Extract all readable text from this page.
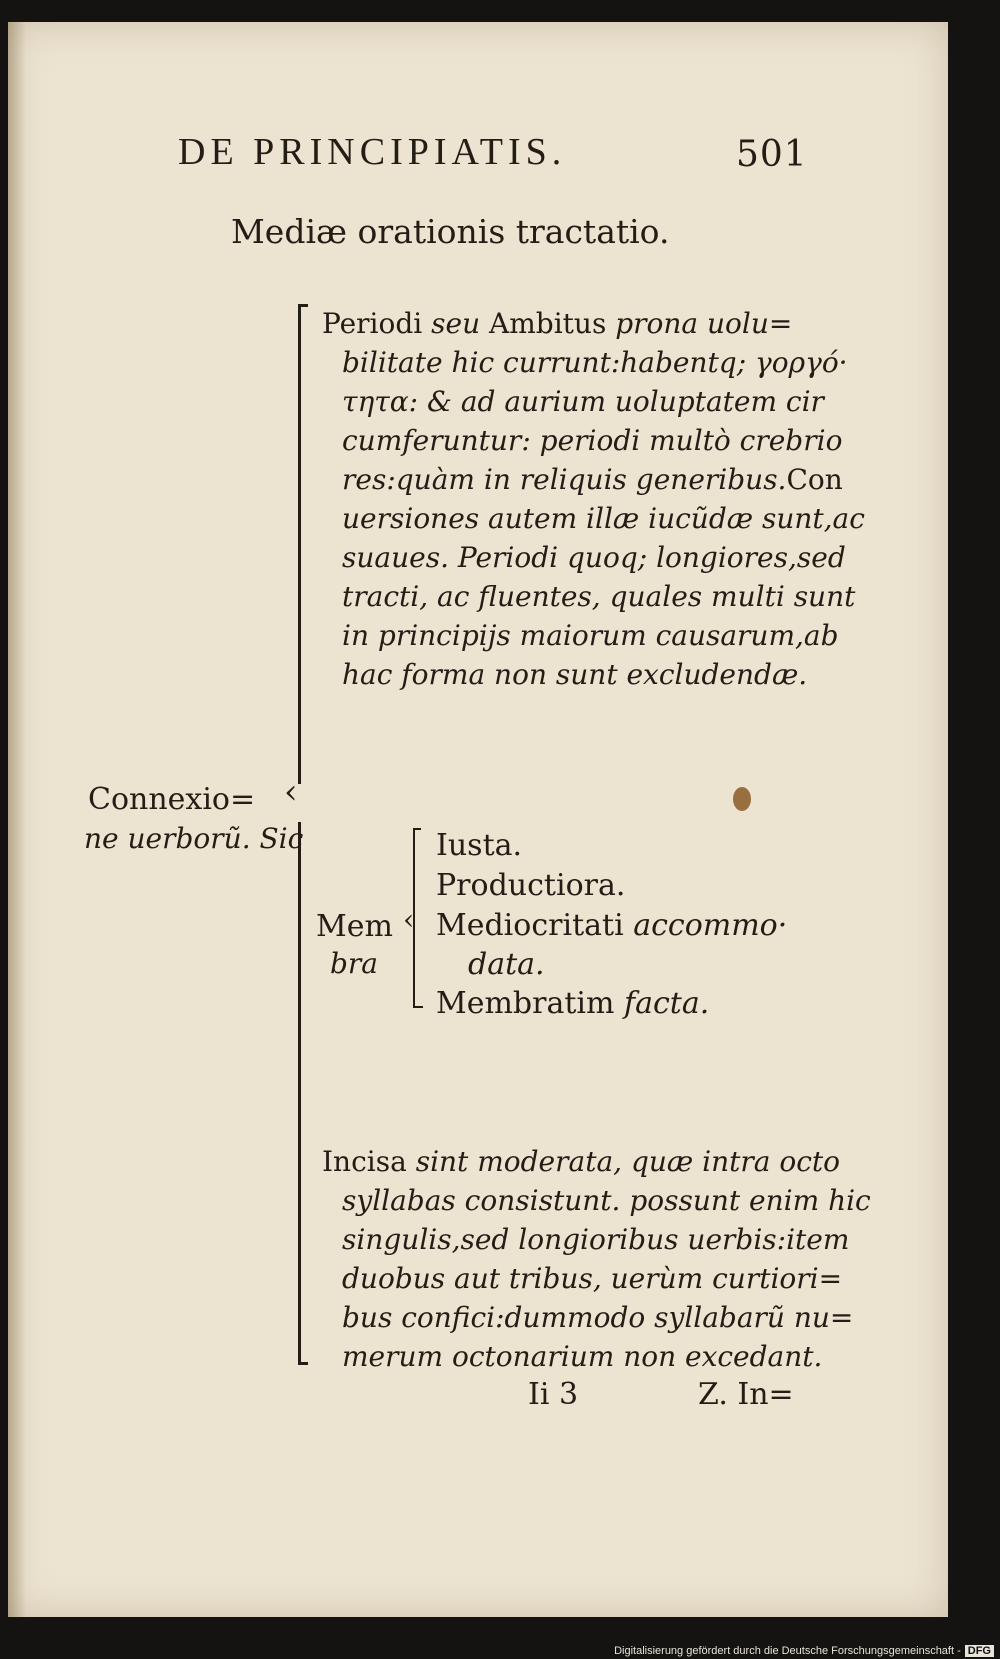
DE PRINCIPIATIS.	501
Mediæ orationis tractatio.
Periodi seu Ambitus prona uolu=
bilitate hic currunt:habentq; γοργό·
τητα: & ad aurium uoluptatem cir
cumferuntur: periodi multò crebrio
res:quàm in reliquis generibus.Con
uersiones autem illæ iucũdæ sunt,ac
suaues. Periodi quoq; longiores,sed
tracti, ac fluentes, quales multi sunt
in principijs maiorum causarum,ab
hac forma non sunt excludendæ.
‹
Connexio=
ne uerborũ. Sic
Mem
bra
‹
Iusta.
Productiora.
Mediocritati accommo·
data.
Membratim facta.
Incisa sint moderata, quæ intra octo
syllabas consistunt. possunt enim hic
singulis,sed longioribus uerbis:item
duobus aut tribus, uerùm curtiori=
bus confici:dummodo syllabarũ nu=
merum octonarium non excedant.
Ii 3	Z. In=
Digitalisierung gefördert durch die Deutsche Forschungsgemeinschaft - DFG
